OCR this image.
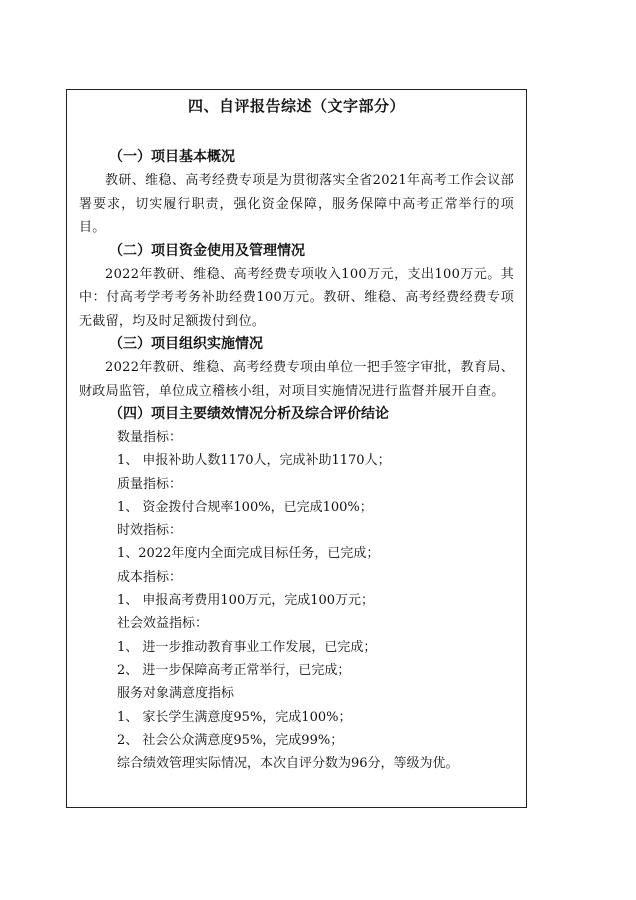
四、自评报告综述（文字部分）
（一）项目基本概况
教研、维稳、高考经费专项是为贯彻落实全省2021年高考工作会议部署要求，切实履行职责，强化资金保障，服务保障中高考正常举行的项目。
（二）项目资金使用及管理情况
2022年教研、维稳、高考经费专项收入100万元，支出100万元。其中：付高考学考考务补助经费100万元。教研、维稳、高考经费经费专项无截留，均及时足额拨付到位。
（三）项目组织实施情况
2022年教研、维稳、高考经费专项由单位一把手签字审批，教育局、财政局监管，单位成立稽核小组，对项目实施情况进行监督并展开自查。
（四）项目主要绩效情况分析及综合评价结论
数量指标：
1、 申报补助人数1170人，完成补助1170人；
质量指标：
1、 资金拨付合规率100%，已完成100%；
时效指标：
1、2022年度内全面完成目标任务，已完成；
成本指标：
1、 申报高考费用100万元，完成100万元；
社会效益指标：
1、 进一步推动教育事业工作发展，已完成；
2、 进一步保障高考正常举行，已完成；
服务对象满意度指标
1、 家长学生满意度95%，完成100%；
2、 社会公众满意度95%，完成99%；
综合绩效管理实际情况，本次自评分数为96分，等级为优。
